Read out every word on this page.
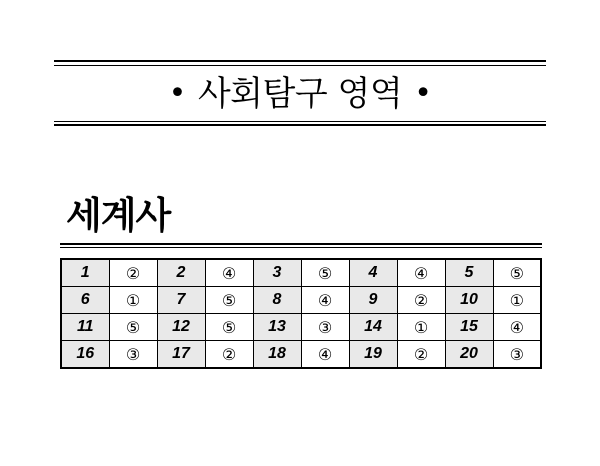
• 사회탐구 영역 •
세계사
1	②	2	④	3	⑤	4	④	5	⑤
6	①	7	⑤	8	④	9	②	10	①
11	⑤	12	⑤	13	③	14	①	15	④
16	③	17	②	18	④	19	②	20	③
